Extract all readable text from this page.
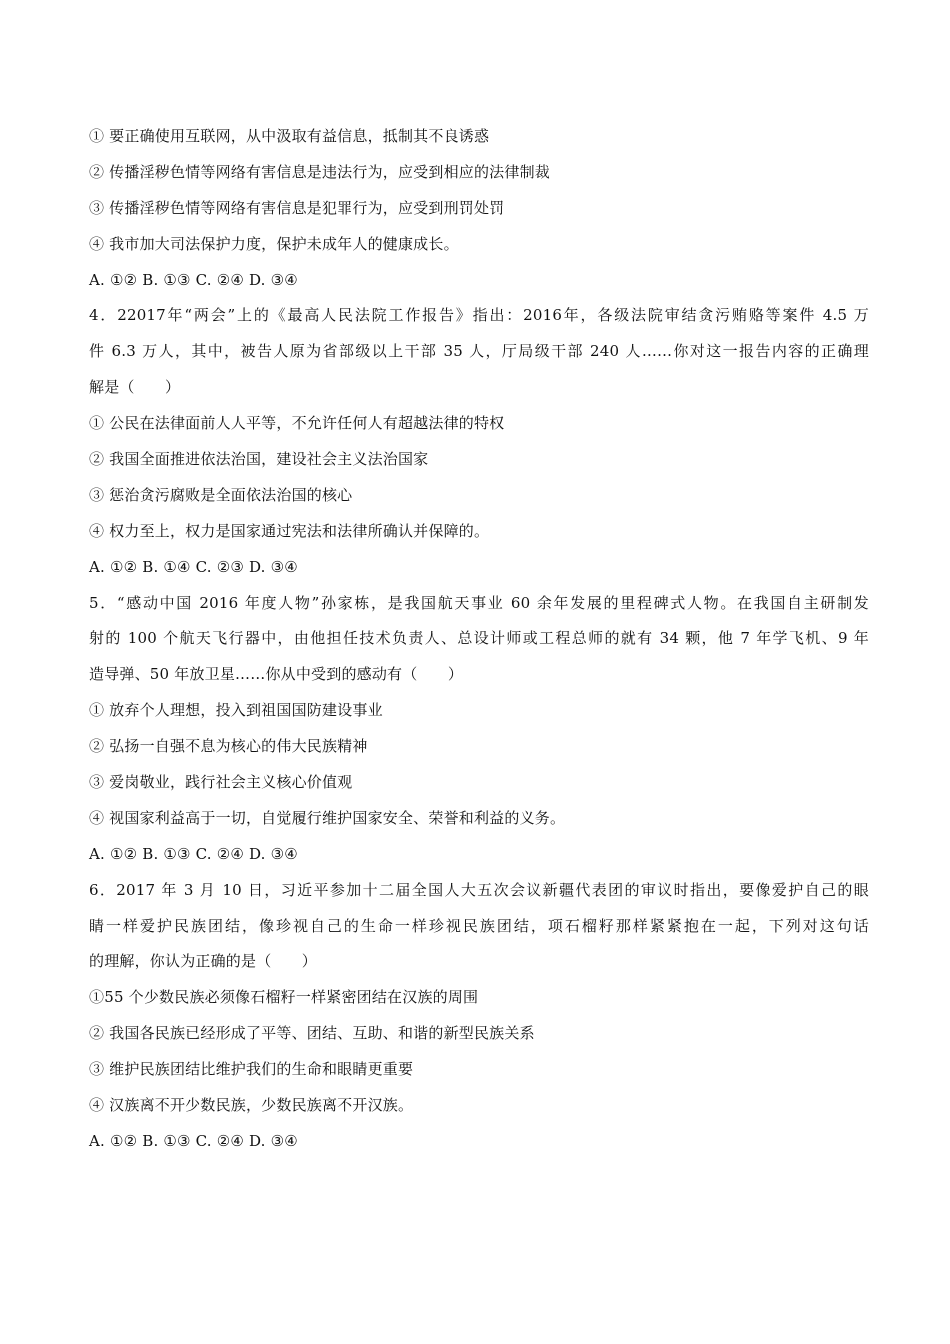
① 要正确使用互联网，从中汲取有益信息，抵制其不良诱惑
② 传播淫秽色情等网络有害信息是违法行为，应受到相应的法律制裁
③ 传播淫秽色情等网络有害信息是犯罪行为，应受到刑罚处罚
④ 我市加大司法保护力度，保护未成年人的健康成长。
A. ①② B. ①③ C. ②④ D. ③④
4．22017年“两会”上的《最高人民法院工作报告》指出：2016年，各级法院审结贪污贿赂等案件 4.5 万
件 6.3 万人，其中，被告人原为省部级以上干部 35 人，厅局级干部 240 人……你对这一报告内容的正确理
解是（　　）
① 公民在法律面前人人平等，不允许任何人有超越法律的特权
② 我国全面推进依法治国，建设社会主义法治国家
③ 惩治贪污腐败是全面依法治国的核心
④ 权力至上，权力是国家通过宪法和法律所确认并保障的。
A. ①② B. ①④ C. ②③ D. ③④
5．“感动中国 2016 年度人物”孙家栋，是我国航天事业 60 余年发展的里程碑式人物。在我国自主研制发
射的 100 个航天飞行器中，由他担任技术负责人、总设计师或工程总师的就有 34 颗，他 7 年学飞机、9 年
造导弹、50 年放卫星……你从中受到的感动有（　　）
① 放弃个人理想，投入到祖国国防建设事业
② 弘扬一自强不息为核心的伟大民族精神
③ 爱岗敬业，践行社会主义核心价值观
④ 视国家利益高于一切，自觉履行维护国家安全、荣誉和利益的义务。
A. ①② B. ①③ C. ②④ D. ③④
6．2017 年 3 月 10 日，习近平参加十二届全国人大五次会议新疆代表团的审议时指出，要像爱护自己的眼
睛一样爱护民族团结，像珍视自己的生命一样珍视民族团结，项石榴籽那样紧紧抱在一起，下列对这句话
的理解，你认为正确的是（　　）
①55 个少数民族必须像石榴籽一样紧密团结在汉族的周围
② 我国各民族已经形成了平等、团结、互助、和谐的新型民族关系
③ 维护民族团结比维护我们的生命和眼睛更重要
④ 汉族离不开少数民族，少数民族离不开汉族。
A. ①② B. ①③ C. ②④ D. ③④
